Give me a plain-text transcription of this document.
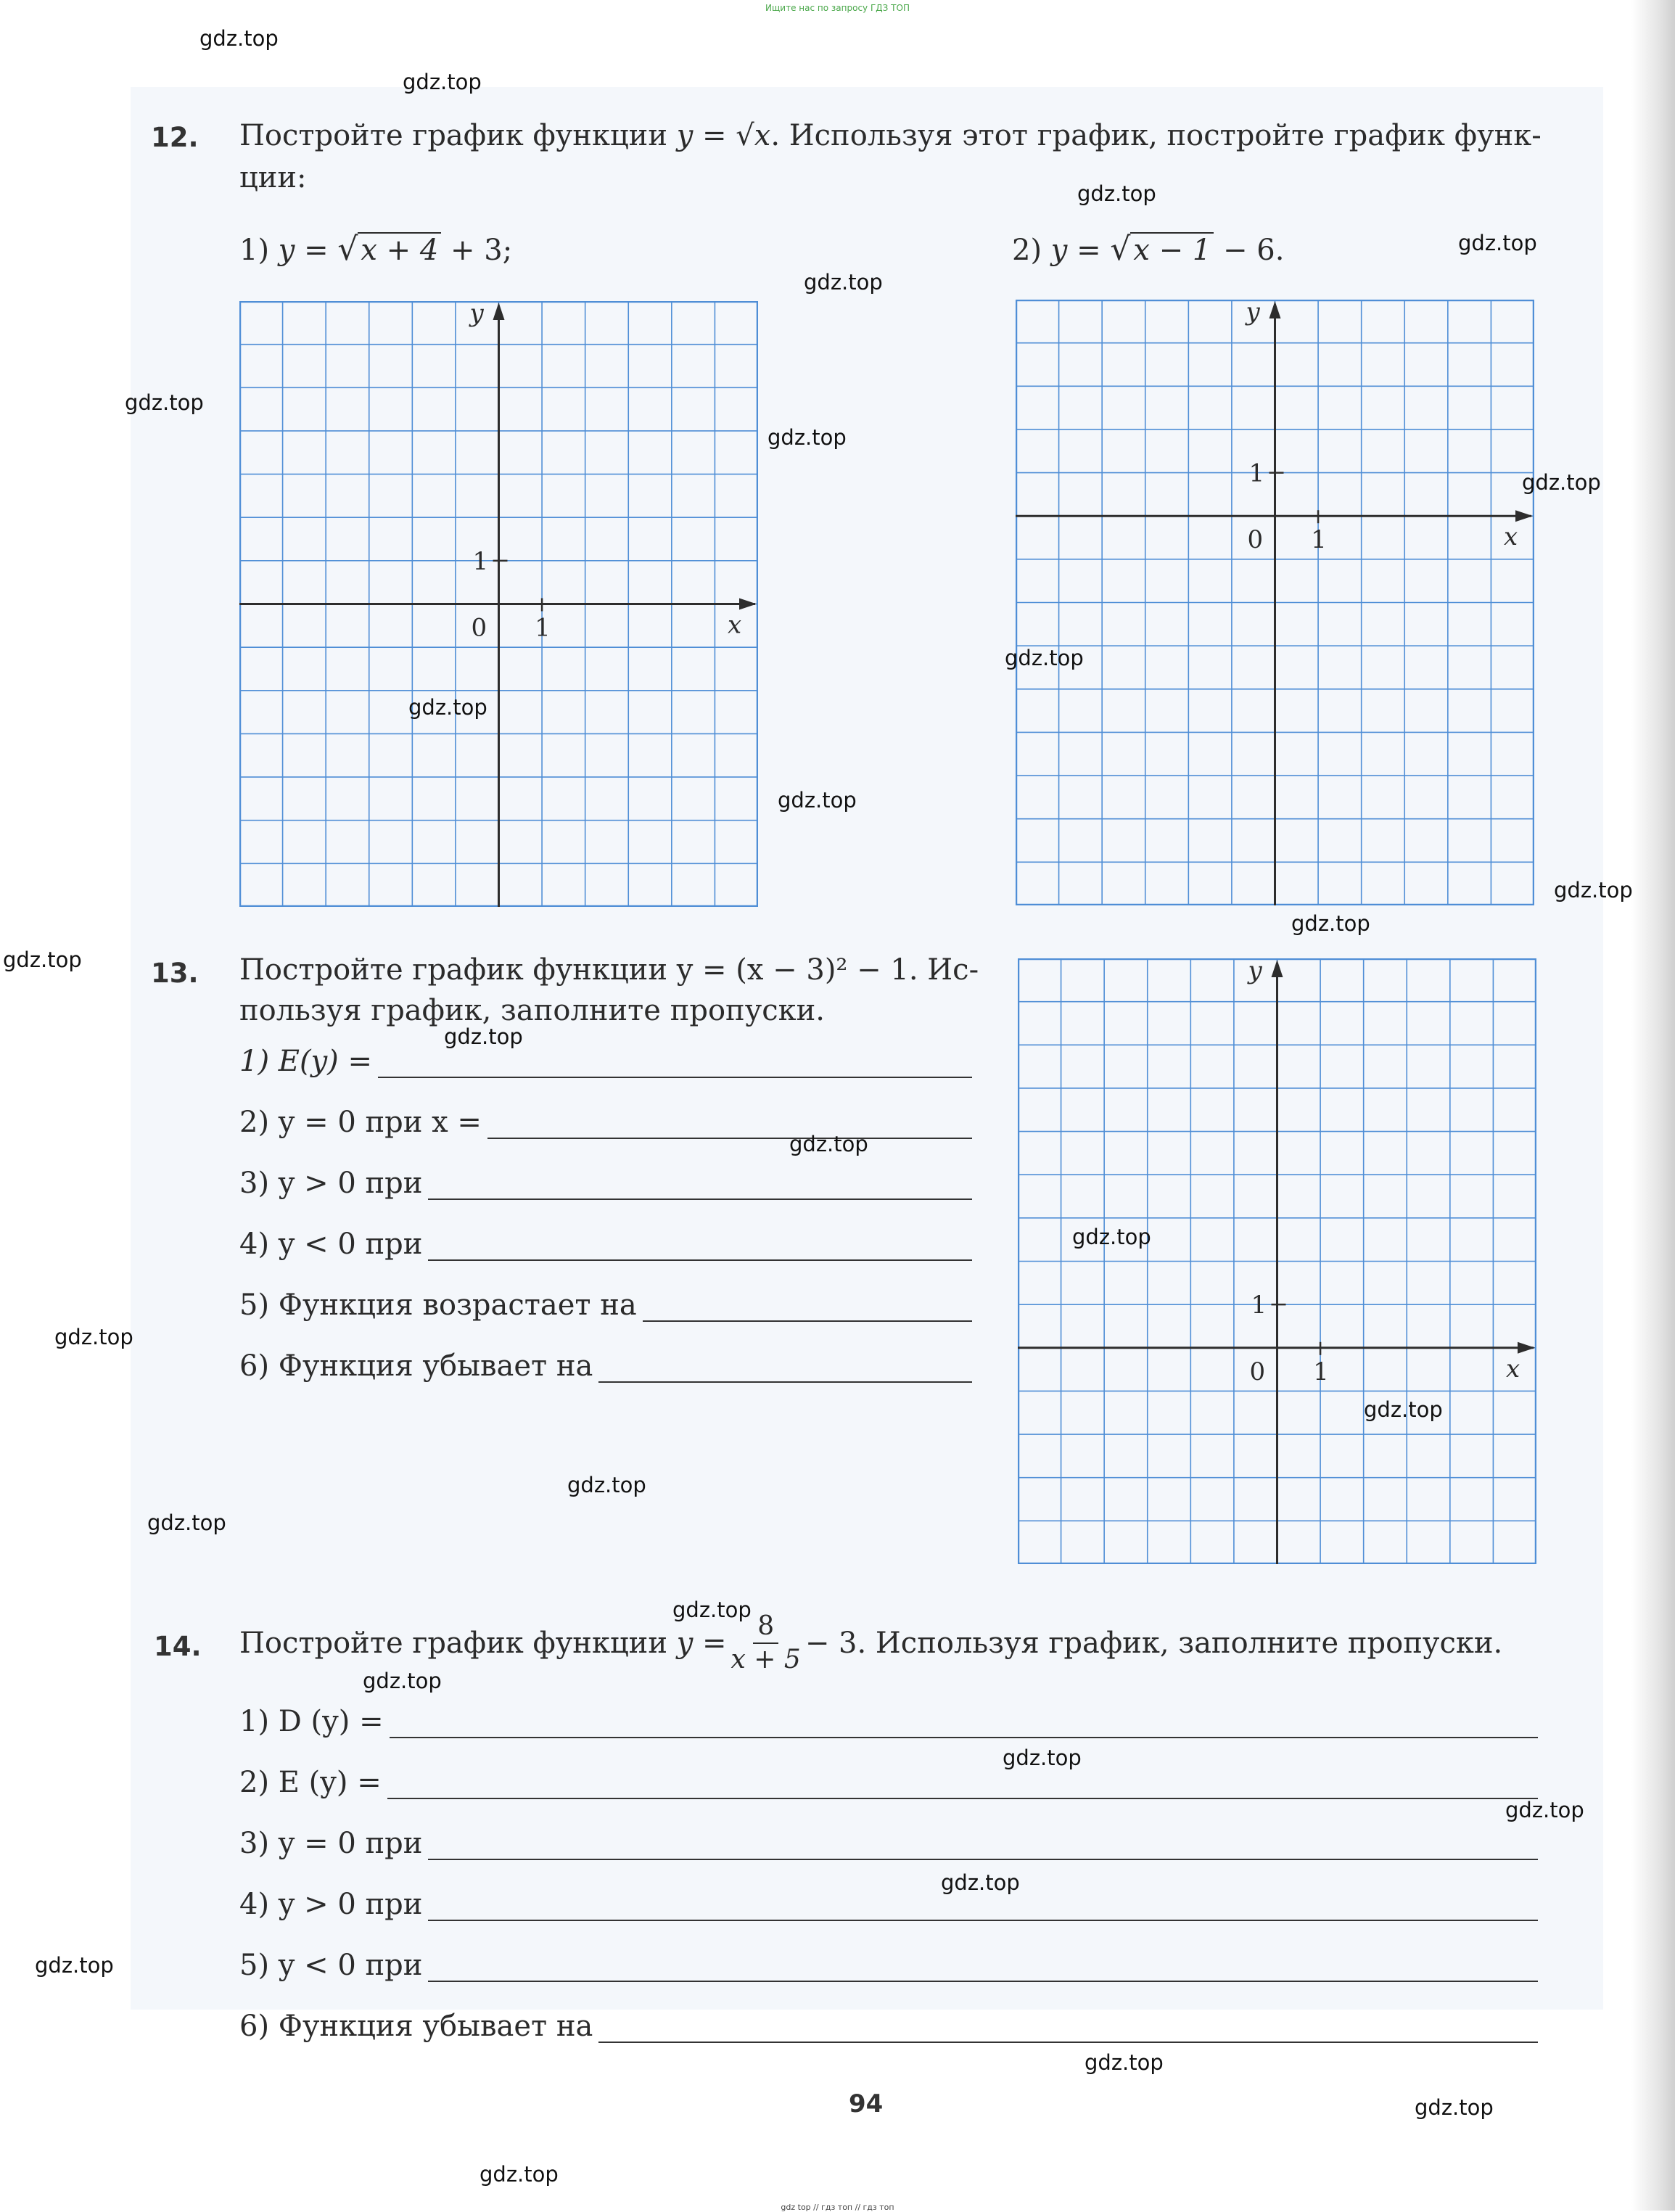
Ищите нас по запросу ГДЗ ТОП
12. Постройте график функции y = √x. Используя этот график, постройте график функ-
ции:
1) y = √ x + 4 + 3;	2) y = √ x − 1 − 6.
y
x
0 1
1
y
x
0 1
1
13. Постройте график функции y = (x − 3)² − 1. Ис-
пользуя график, заполните пропуски.
1) E(y) =
2) y = 0 при x =
3) y > 0 при
4) y < 0 при
5) Функция возрастает на
6) Функция убывает на
y
x
0 1
1
14. Постройте график функции
$y = \frac{8}{x + 5} - 3$. Используя график, заполните пропуски.
1) D (y) =
2) E (y) =
3) y = 0 при
4) y > 0 при
5) y < 0 при
6) Функция убывает на
94
gdz.top
gdz.top
gdz.top
gdz.top
gdz.top
gdz.top
gdz.top
gdz.top
gdz.top
gdz.top
gdz.top
gdz.top
gdz.top
gdz.top
gdz.top
gdz.top
gdz.top
gdz.top
gdz.top
gdz.top
gdz.top
gdz.top
gdz.top
gdz.top
gdz.top
gdz.top
gdz.top
gdz.top
gdz.top
gdz.top
gdz top // гдз топ // гдз топ
